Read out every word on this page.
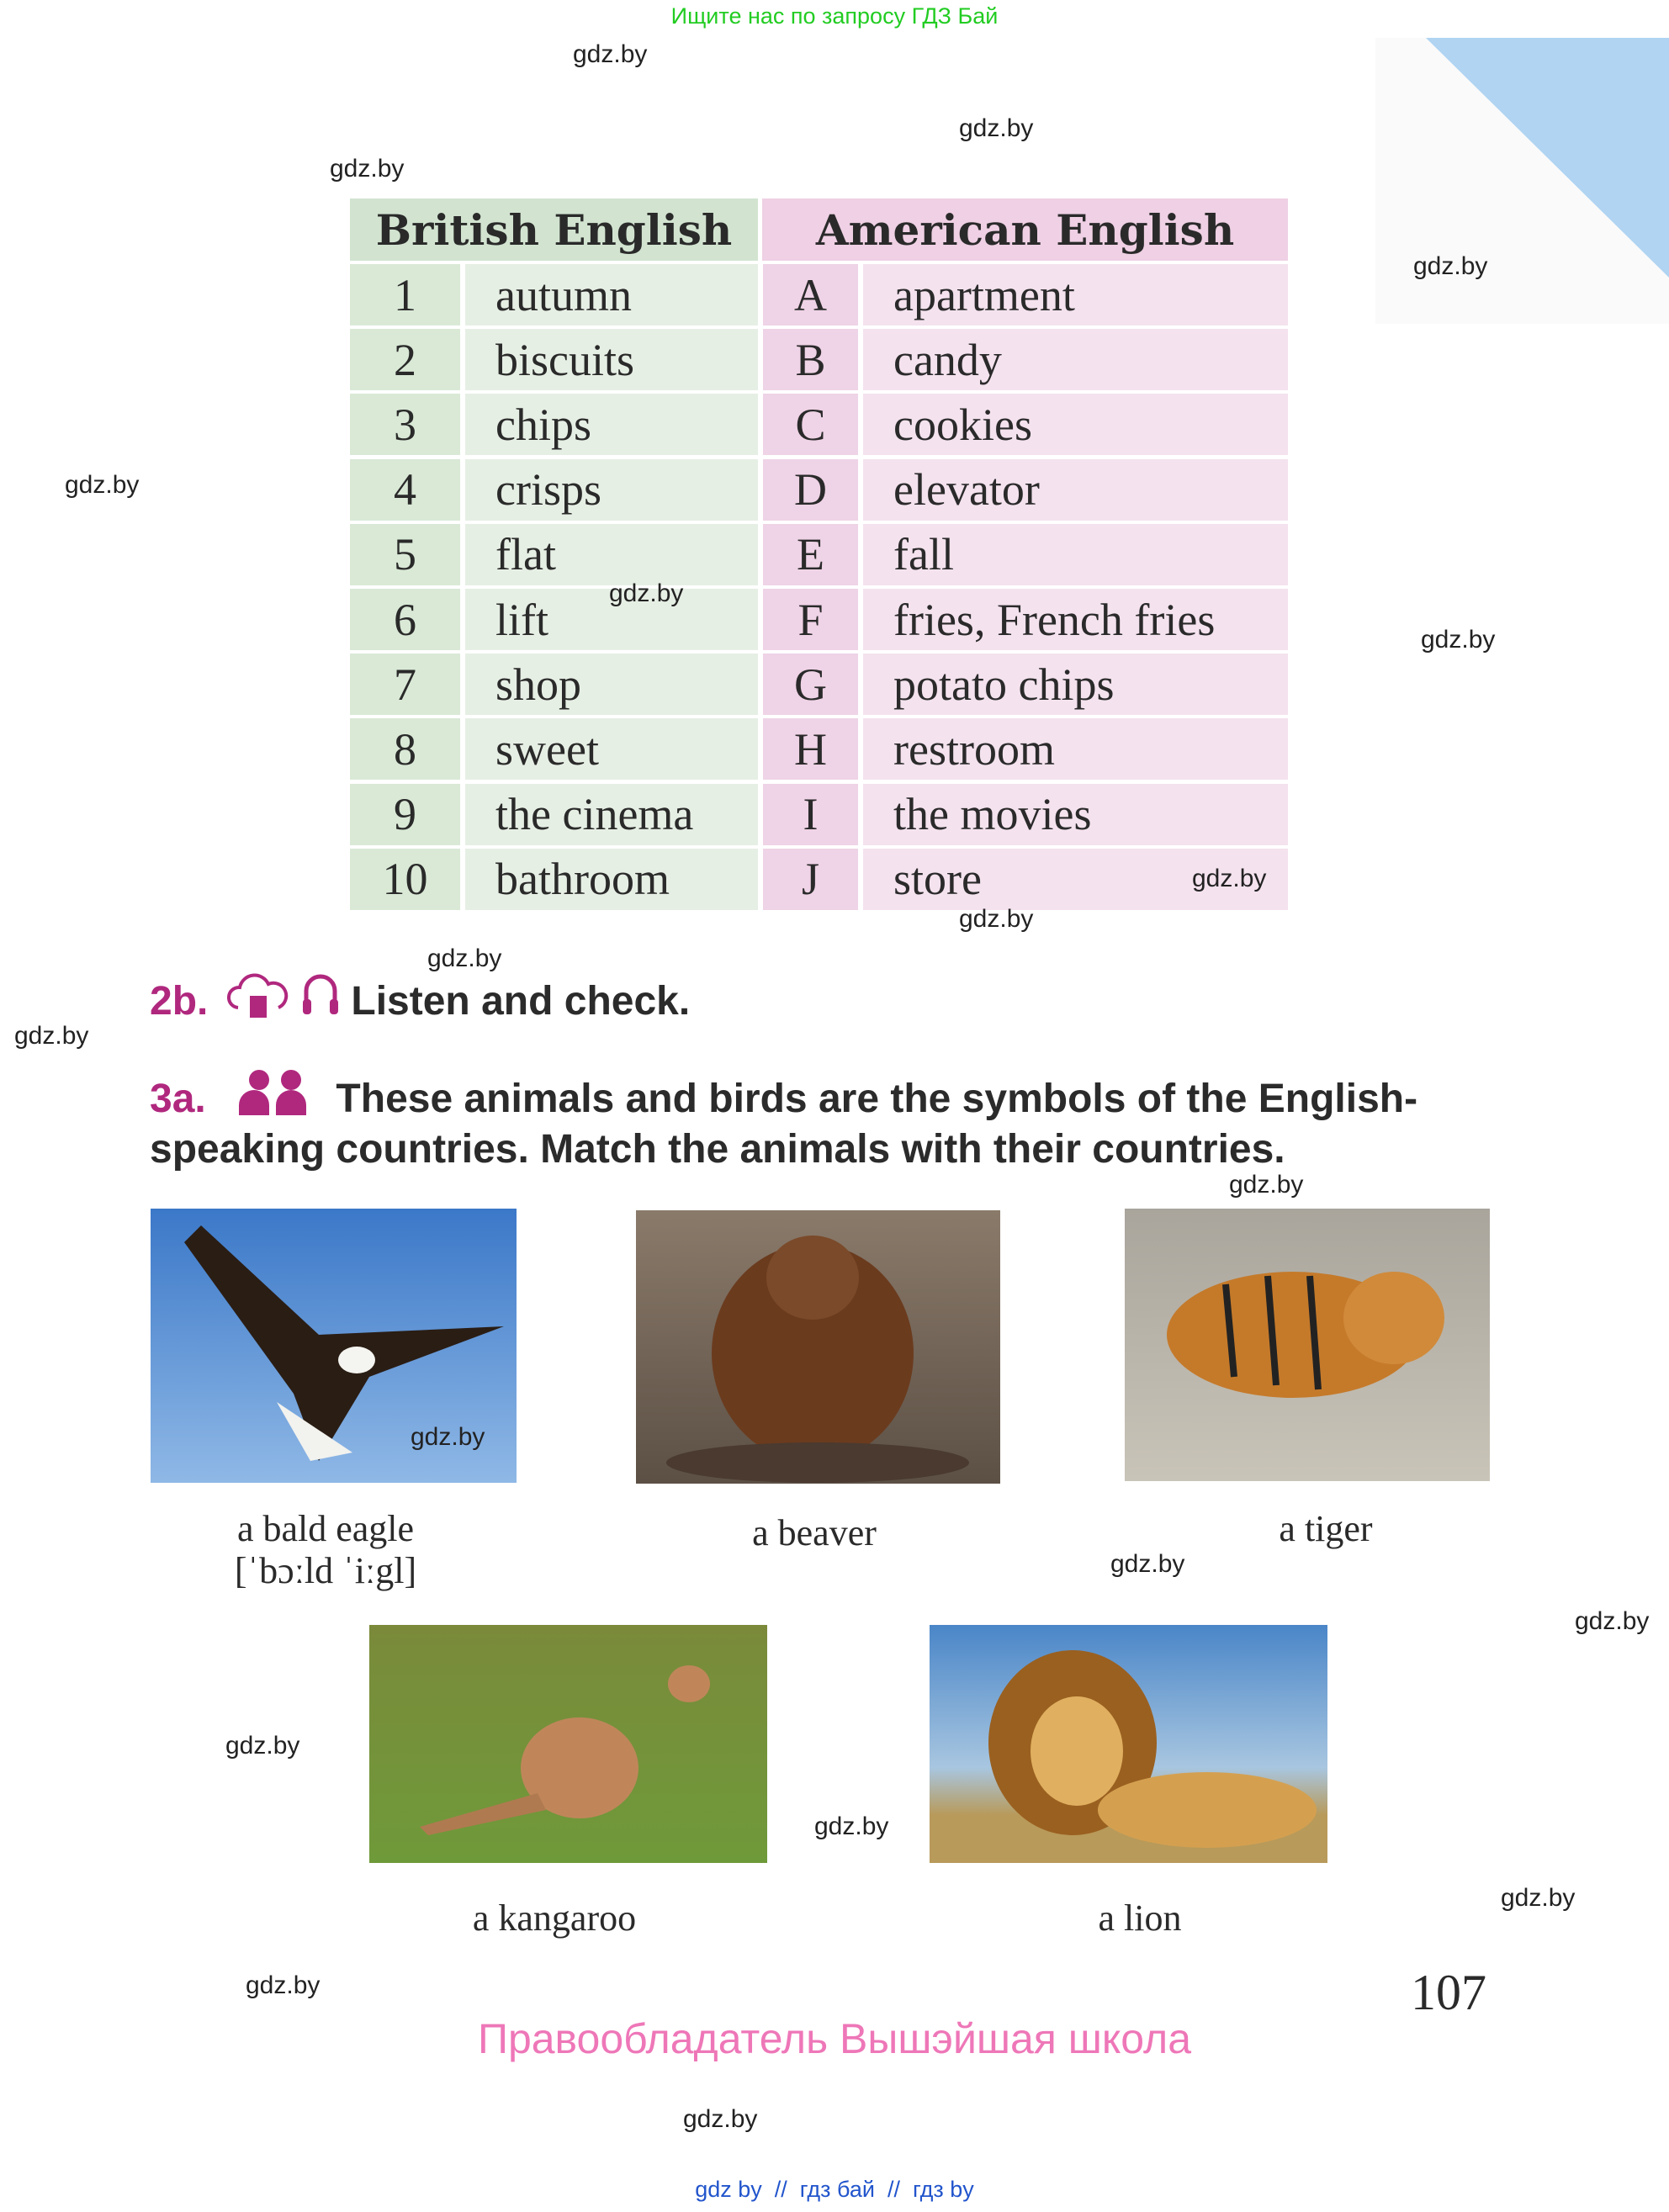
Ищите нас по запросу ГДЗ Бай
British English	American English
1	autumn	A	apartment
2	biscuits	B	candy
3	chips	C	cookies
4	crisps	D	elevator
5	flat	E	fall
6	lift	F	fries, French fries
7	shop	G	potato chips
8	sweet	H	restroom
9	the cinema	I	the movies
10	bathroom	J	store
2b.	Listen and check.
3a.	These animals and birds are the symbols of the English-
speaking countries. Match the animals with their countries.
a bald eagle
[ˈbɔːld ˈiːgl]
a beaver	a tiger
a kangaroo	a lion
107
Правообладатель Вышэйшая школа
gdz by  //  гдз бай  //  гдз by
gdz.by
gdz.by
gdz.by
gdz.by
gdz.by
gdz.by
gdz.by
gdz.by
gdz.by
gdz.by
gdz.by
gdz.by
gdz.by
gdz.by
gdz.by
gdz.by
gdz.by
gdz.by
gdz.by
gdz.by
